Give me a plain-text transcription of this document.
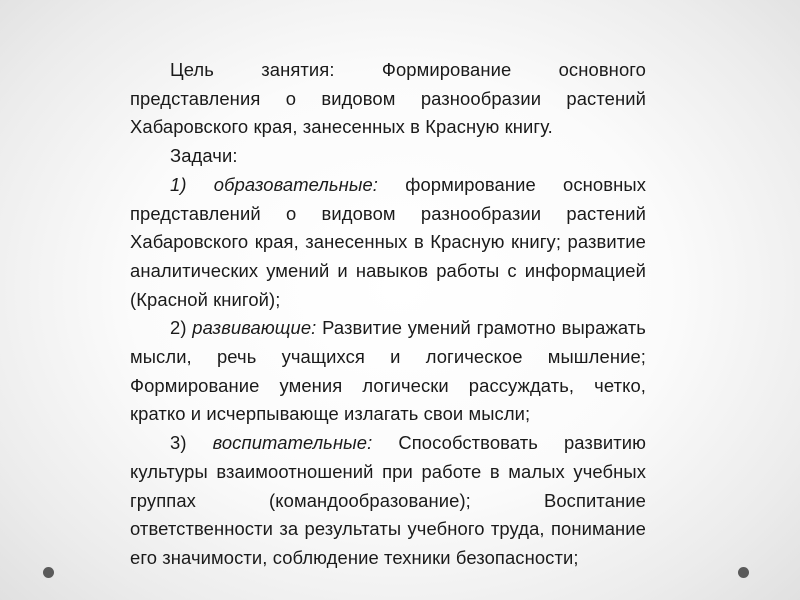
Цель занятия:	Формирование основного представления о видовом разнообразии растений Хабаровского края, занесенных в Красную книгу.

Задачи:

1) образовательные: формирование основных представлений о видовом разнообразии растений Хабаровского края, занесенных в Красную книгу; развитие аналитических умений и навыков работы с информацией (Красной книгой);

2) развивающие: Развитие умений грамотно выражать мысли, речь учащихся и логическое мышление; Формирование умения логически рассуждать, четко, кратко и исчерпывающе излагать свои мысли;

3) воспитательные: Способствовать развитию культуры взаимоотношений при работе в малых учебных группах (командообразование); Воспитание ответственности за результаты учебного труда, понимание его значимости, соблюдение техники безопасности;
